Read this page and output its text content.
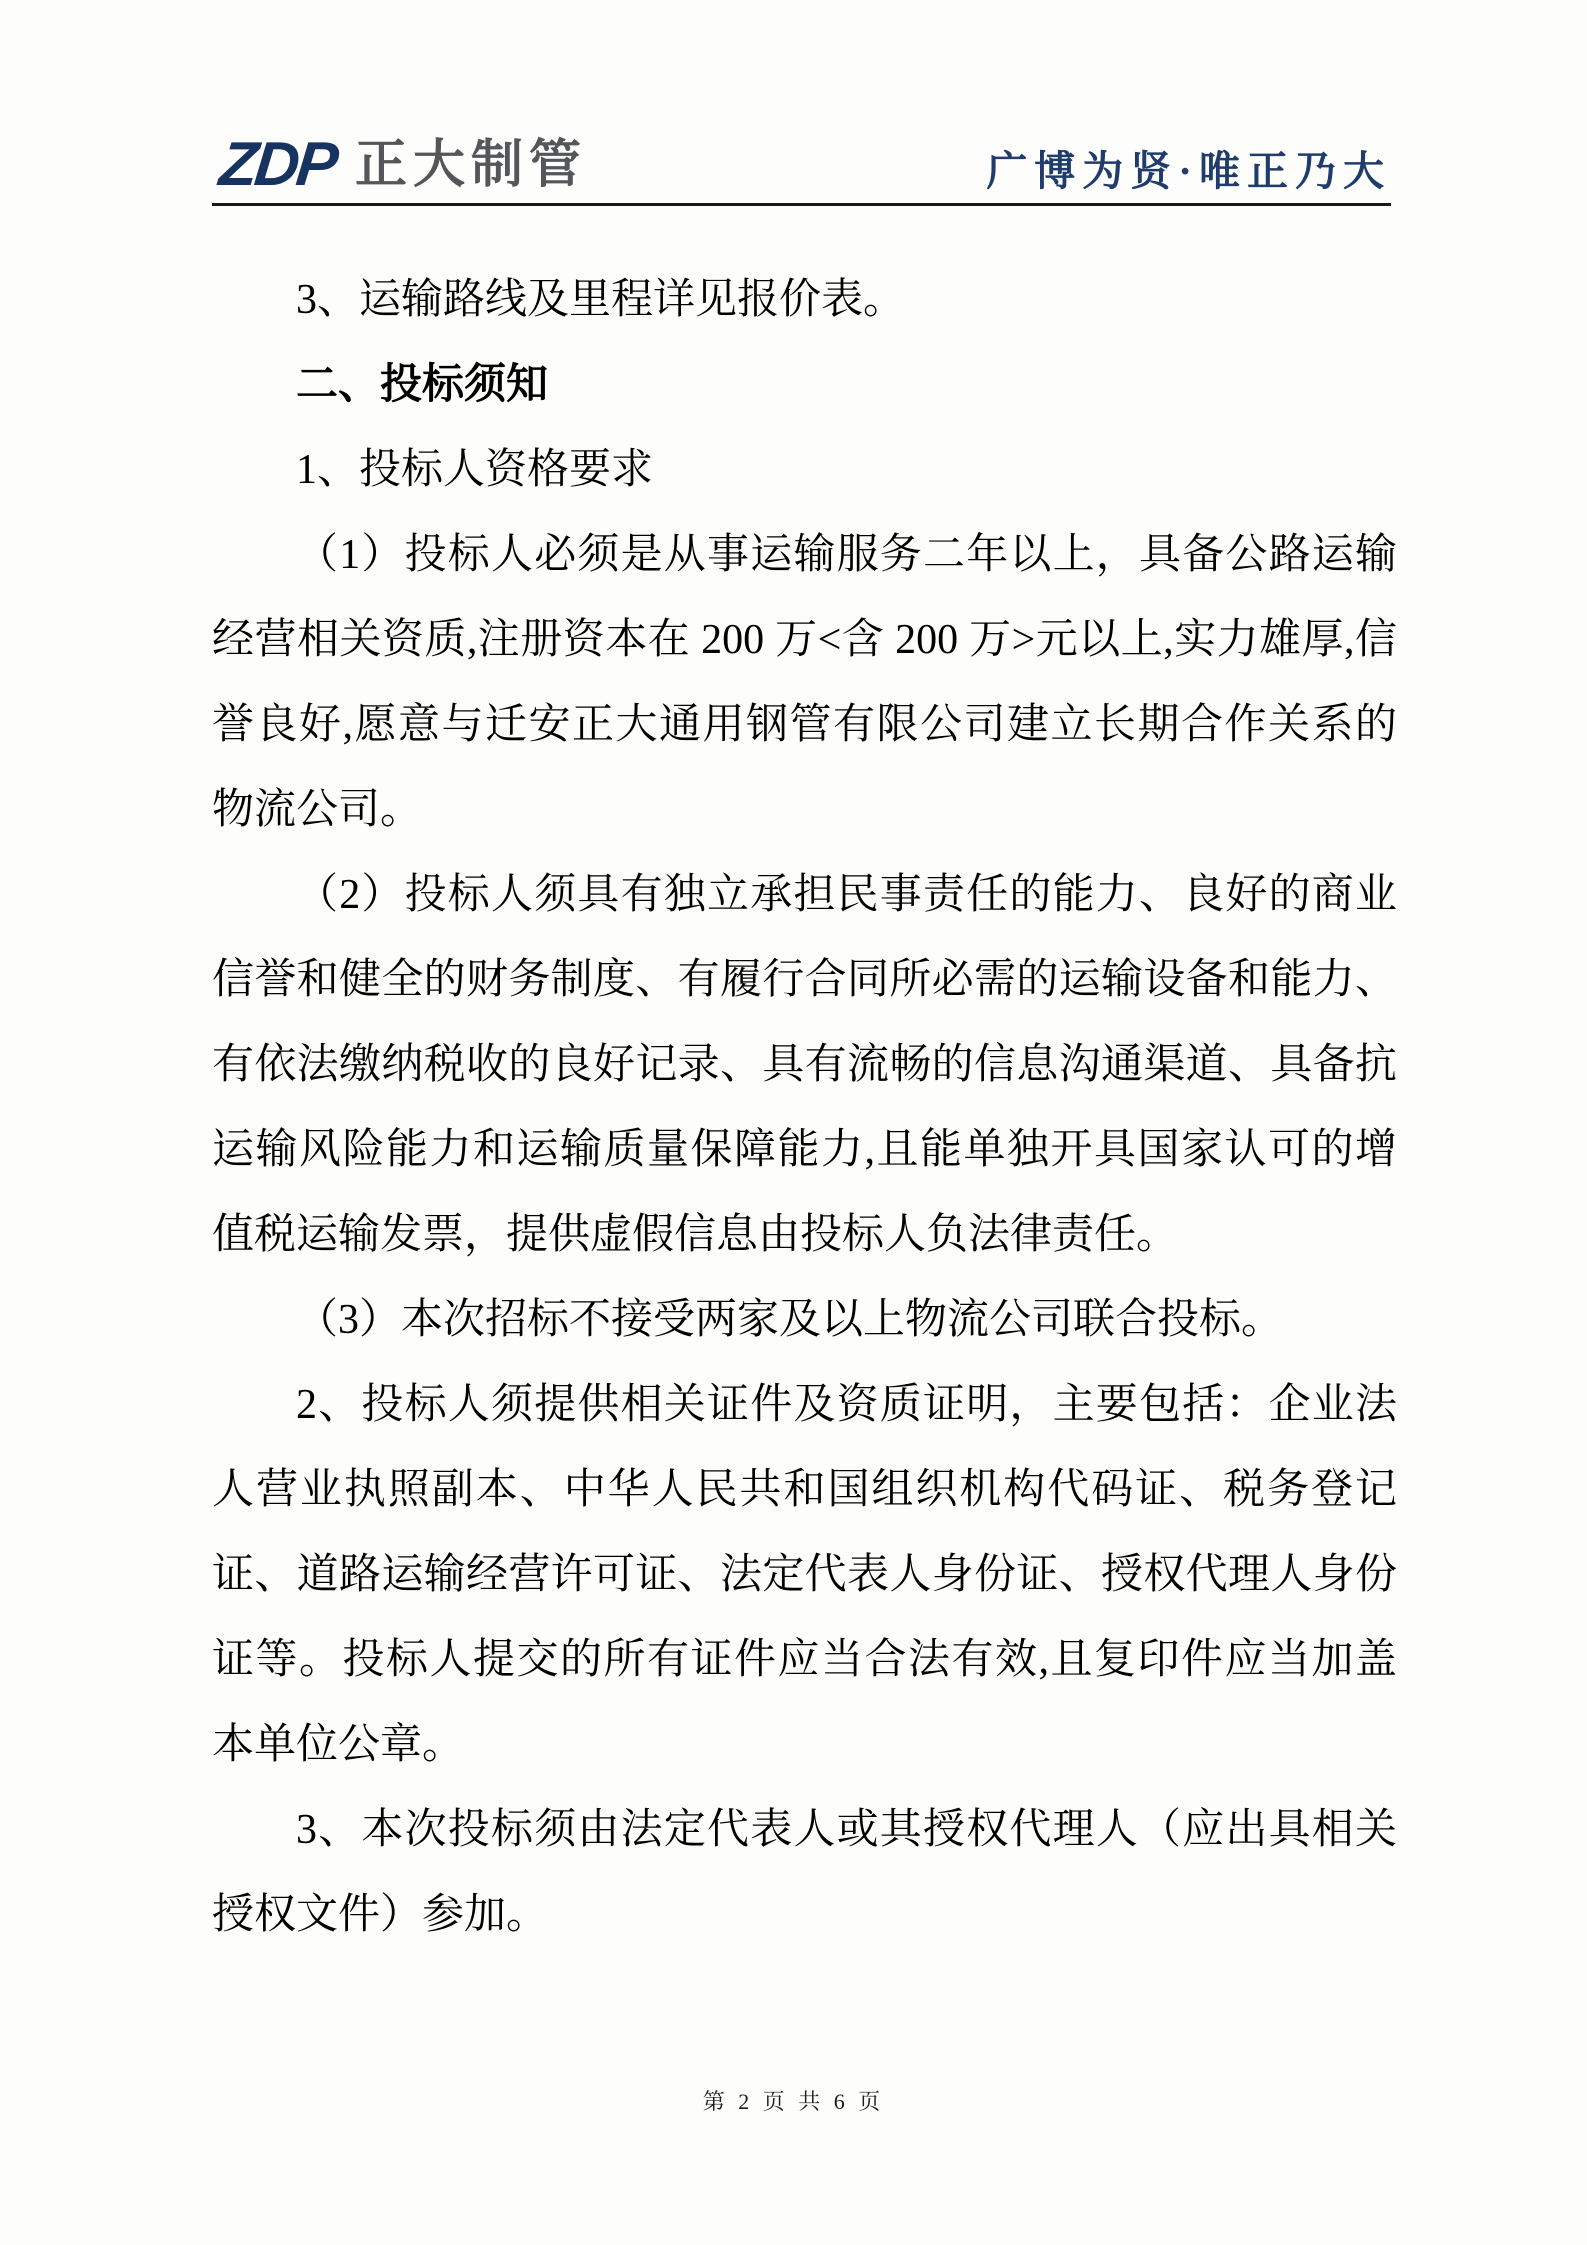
ZDP 正大制管	广博为贤·唯正乃大

3、运输路线及里程详见报价表。

二、投标须知

1、投标人资格要求

（1）投标人必须是从事运输服务二年以上，具备公路运输经营相关资质,注册资本在 200 万<含 200 万>元以上,实力雄厚,信誉良好,愿意与迁安正大通用钢管有限公司建立长期合作关系的物流公司。

（2）投标人须具有独立承担民事责任的能力、良好的商业信誉和健全的财务制度、有履行合同所必需的运输设备和能力、有依法缴纳税收的良好记录、具有流畅的信息沟通渠道、具备抗运输风险能力和运输质量保障能力,且能单独开具国家认可的增值税运输发票，提供虚假信息由投标人负法律责任。

（3）本次招标不接受两家及以上物流公司联合投标。

2、投标人须提供相关证件及资质证明，主要包括：企业法人营业执照副本、中华人民共和国组织机构代码证、税务登记证、道路运输经营许可证、法定代表人身份证、授权代理人身份证等。投标人提交的所有证件应当合法有效,且复印件应当加盖本单位公章。

3、本次投标须由法定代表人或其授权代理人（应出具相关授权文件）参加。

第 2 页 共 6 页
